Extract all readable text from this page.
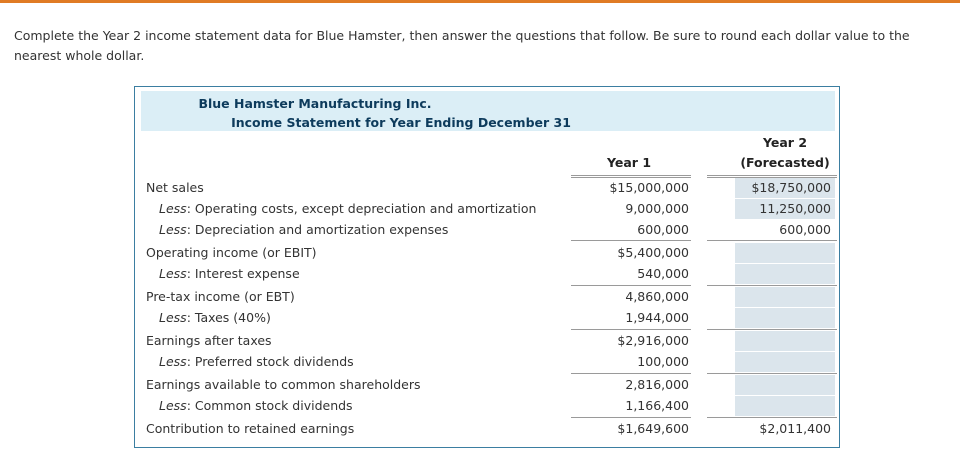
Complete the Year 2 income statement data for Blue Hamster, then answer the questions that follow. Be sure to round each dollar value to the nearest whole dollar.
Blue Hamster Manufacturing Inc.
Income Statement for Year Ending December 31
Year 1
Year 2
(Forecasted)
Net sales	$15,000,000	$18,750,000
Less: Operating costs, except depreciation and amortization	9,000,000	11,250,000
Less: Depreciation and amortization expenses	600,000	600,000
Operating income (or EBIT)	$5,400,000
Less: Interest expense	540,000
Pre-tax income (or EBT)	4,860,000
Less: Taxes (40%)	1,944,000
Earnings after taxes	$2,916,000
Less: Preferred stock dividends	100,000
Earnings available to common shareholders	2,816,000
Less: Common stock dividends	1,166,400
Contribution to retained earnings	$1,649,600	$2,011,400
